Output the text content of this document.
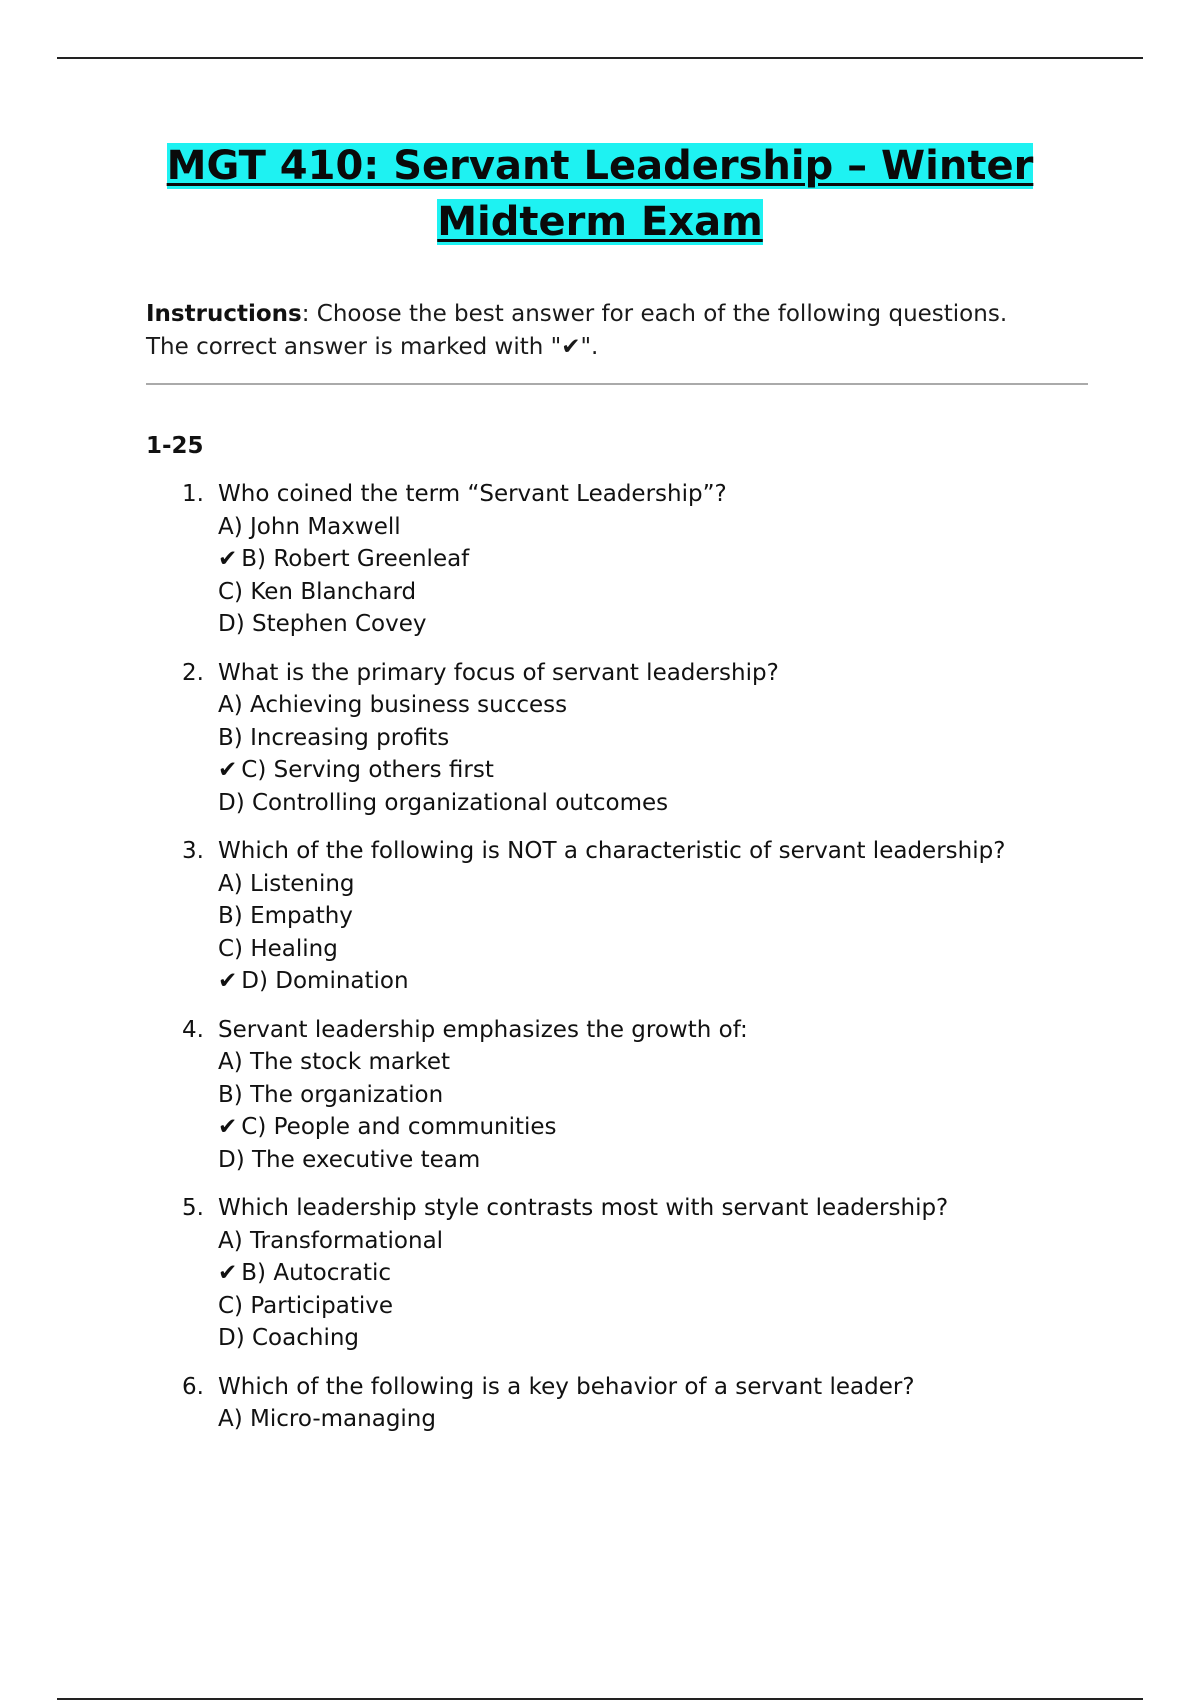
MGT 410: Servant Leadership – Winter Midterm Exam
Instructions: Choose the best answer for each of the following questions. The correct answer is marked with "✔".
1-25
1. Who coined the term “Servant Leadership”?
A) John Maxwell
✔ B) Robert Greenleaf
C) Ken Blanchard
D) Stephen Covey
2. What is the primary focus of servant leadership?
A) Achieving business success
B) Increasing profits
✔ C) Serving others first
D) Controlling organizational outcomes
3. Which of the following is NOT a characteristic of servant leadership?
A) Listening
B) Empathy
C) Healing
✔ D) Domination
4. Servant leadership emphasizes the growth of:
A) The stock market
B) The organization
✔ C) People and communities
D) The executive team
5. Which leadership style contrasts most with servant leadership?
A) Transformational
✔ B) Autocratic
C) Participative
D) Coaching
6. Which of the following is a key behavior of a servant leader?
A) Micro-managing
